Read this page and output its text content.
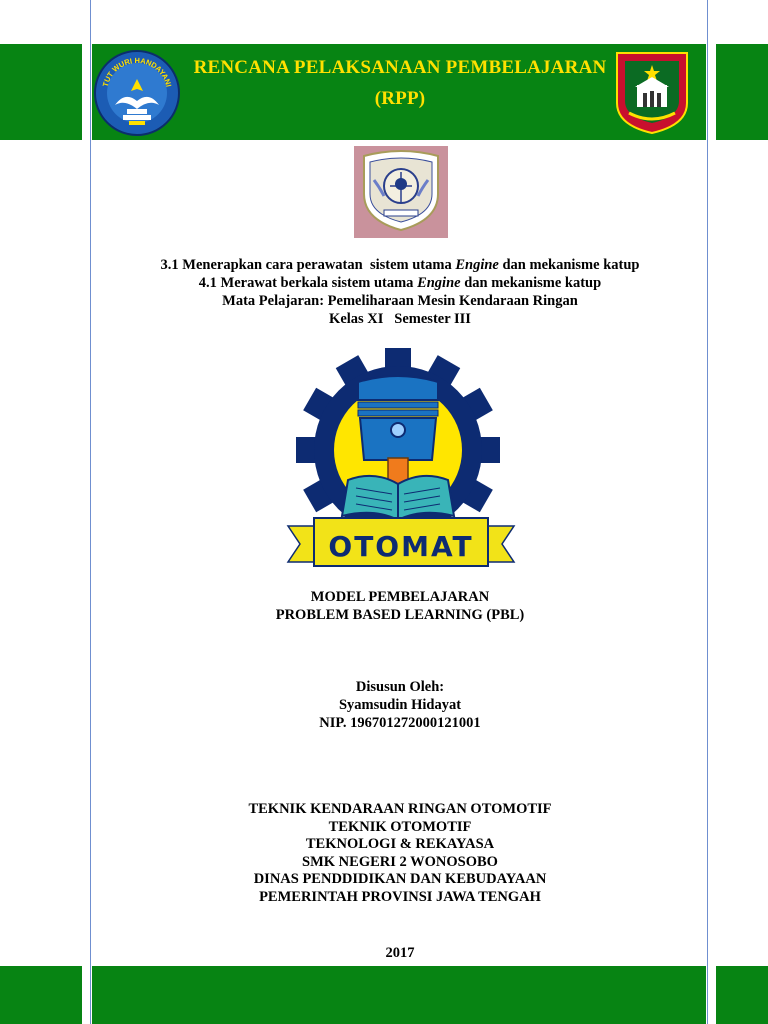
RENCANA PELAKSANAAN PEMBELAJARAN
(RPP)
TUT WURI HANDAYANI
3.1 Menerapkan cara perawatan  sistem utama Engine dan mekanisme katup
4.1 Merawat berkala sistem utama Engine dan mekanisme katup
Mata Pelajaran: Pemeliharaan Mesin Kendaraan Ringan
Kelas XI   Semester III
OTOMAT
MODEL PEMBELAJARAN
PROBLEM BASED LEARNING (PBL)
Disusun Oleh:
Syamsudin Hidayat
NIP. 196701272000121001
TEKNIK KENDARAAN RINGAN OTOMOTIF
TEKNIK OTOMOTIF
TEKNOLOGI & REKAYASA
SMK NEGERI 2 WONOSOBO
DINAS PENDDIDIKAN DAN KEBUDAYAAN
PEMERINTAH PROVINSI JAWA TENGAH
2017
